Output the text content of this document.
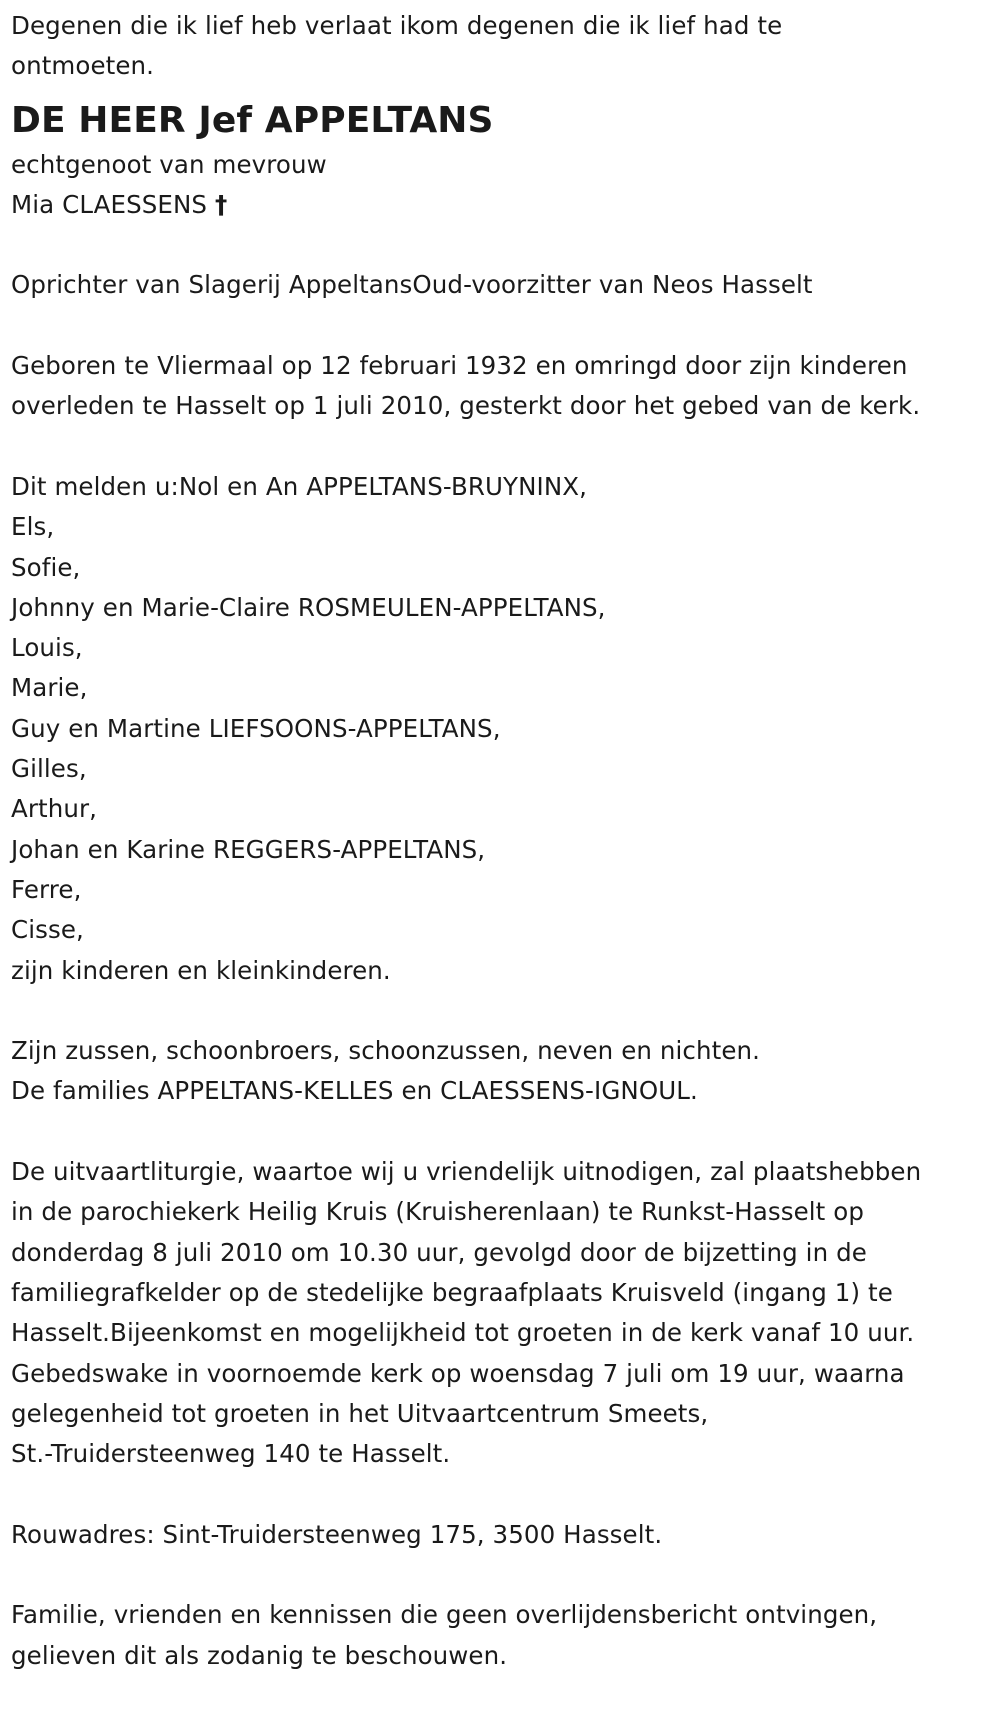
Degenen die ik lief heb verlaat ikom degenen die ik lief had te
ontmoeten.
DE HEER Jef APPELTANS
echtgenoot van mevrouw
Mia CLAESSENS †
Oprichter van Slagerij AppeltansOud-voorzitter van Neos Hasselt
Geboren te Vliermaal op 12 februari 1932 en omringd door zijn kinderen
overleden te Hasselt op 1 juli 2010, gesterkt door het gebed van de kerk.
Dit melden u:Nol en An APPELTANS-BRUYNINX,
Els,
Sofie,
Johnny en Marie-Claire ROSMEULEN-APPELTANS,
Louis,
Marie,
Guy en Martine LIEFSOONS-APPELTANS,
Gilles,
Arthur,
Johan en Karine REGGERS-APPELTANS,
Ferre,
Cisse,
zijn kinderen en kleinkinderen.
Zijn zussen, schoonbroers, schoonzussen, neven en nichten.
De families APPELTANS-KELLES en CLAESSENS-IGNOUL.
De uitvaartliturgie, waartoe wij u vriendelijk uitnodigen, zal plaatshebben
in de parochiekerk Heilig Kruis (Kruisherenlaan) te Runkst-Hasselt op
donderdag 8 juli 2010 om 10.30 uur, gevolgd door de bijzetting in de
familiegrafkelder op de stedelijke begraafplaats Kruisveld (ingang 1) te
Hasselt.Bijeenkomst en mogelijkheid tot groeten in de kerk vanaf 10 uur.
Gebedswake in voornoemde kerk op woensdag 7 juli om 19 uur, waarna
gelegenheid tot groeten in het Uitvaartcentrum Smeets,
St.-Truidersteenweg 140 te Hasselt.
Rouwadres: Sint-Truidersteenweg 175, 3500 Hasselt.
Familie, vrienden en kennissen die geen overlijdensbericht ontvingen,
gelieven dit als zodanig te beschouwen.
